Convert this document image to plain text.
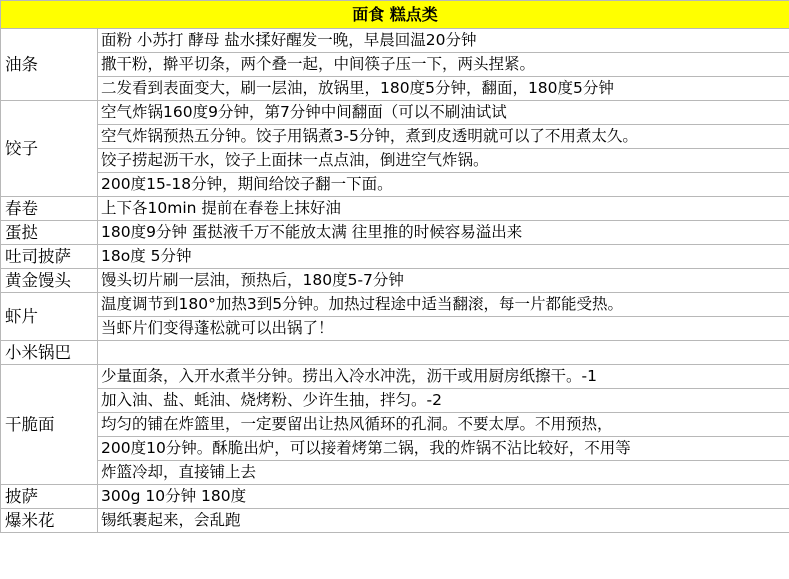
面食 糕点类	
油条	面粉 小苏打 酵母 盐水揉好醒发一晚，早晨回温20分钟
	撒干粉，擀平切条，两个叠一起，中间筷子压一下，两头捏紧。
	二发看到表面变大，刷一层油，放锅里，180度5分钟，翻面，180度5分钟
饺子	空气炸锅160度9分钟，第7分钟中间翻面（可以不刷油试试
	空气炸锅预热五分钟。饺子用锅煮3-5分钟，煮到皮透明就可以了不用煮太久。
	饺子捞起沥干水，饺子上面抹一点点油，倒进空气炸锅。
	200度15-18分钟，期间给饺子翻一下面。
春卷	上下各10min 提前在春卷上抹好油
蛋挞	180度9分钟 蛋挞液千万不能放太满 往里推的时候容易溢出来
吐司披萨	18o度 5分钟
黄金馒头	馒头切片刷一层油，预热后，180度5-7分钟
虾片	温度调节到180°加热3到5分钟。加热过程途中适当翻滚，每一片都能受热。
	当虾片们变得蓬松就可以出锅了！
小米锅巴	
干脆面	少量面条，入开水煮半分钟。捞出入冷水冲洗，沥干或用厨房纸擦干。-1
	加入油、盐、蚝油、烧烤粉、少许生抽，拌匀。-2
	均匀的铺在炸篮里，一定要留出让热风循环的孔洞。不要太厚。不用预热，
	200度10分钟。酥脆出炉，可以接着烤第二锅，我的炸锅不沾比较好，不用等
	炸篮冷却，直接铺上去
披萨	300g 10分钟 180度
爆米花	锡纸裹起来，会乱跑
